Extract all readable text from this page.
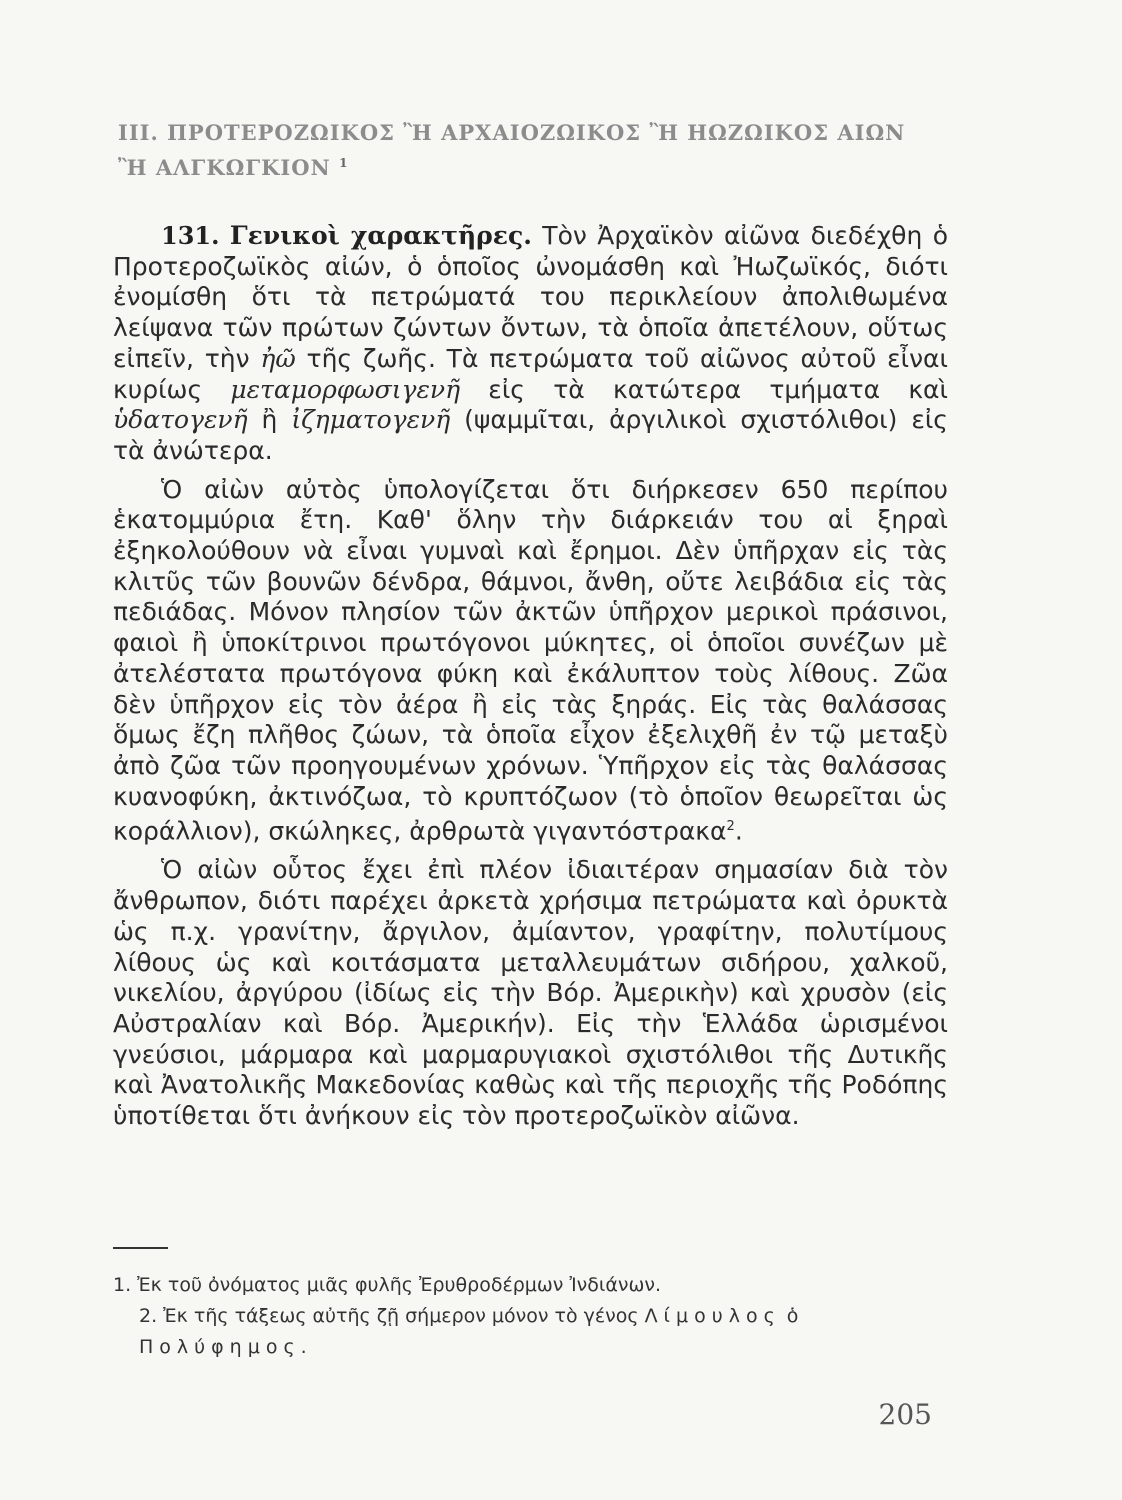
III. ΠΡΟΤΕΡΟΖΩΙΚΟΣ Ἢ ΑΡΧΑΙΟΖΩΙΚΟΣ Ἢ ΗΩΖΩΙΚΟΣ ΑΙΩΝ
Ἢ ΑΛΓΚΩΓΚΙΟΝ $^1$

131. Γενικοὶ χαρακτῆρες. Τὸν Ἀρχαϊκὸν αἰῶνα διεδέχθη ὁ Προτεροζωϊκὸς αἰών, ὁ ὁποῖος ὠνομάσθη καὶ Ἠωζωϊκός, διότι ἐνομίσθη ὅτι τὰ πετρώματά του περικλείουν ἀπολιθωμένα λείψανα τῶν πρώτων ζώντων ὄντων, τὰ ὁποῖα ἀπετέλουν, οὕτως εἰπεῖν, τὴν ἠῶ τῆς ζωῆς. Τὰ πετρώματα τοῦ αἰῶνος αὐτοῦ εἶναι κυρίως μεταμορφωσιγενῆ εἰς τὰ κατώτερα τμήματα καὶ ὑδατογενῆ ἢ ἰζηματογενῆ (ψαμμῖται, ἀργιλικοὶ σχιστόλιθοι) εἰς τὰ ἀνώτερα.

Ὁ αἰὼν αὐτὸς ὑπολογίζεται ὅτι διήρκεσεν 650 περίπου ἑκατομμύρια ἔτη. Καθ' ὅλην τὴν διάρκειάν του αἱ ξηραὶ ἐξηκολούθουν νὰ εἶναι γυμναὶ καὶ ἔρημοι. Δὲν ὑπῆρχαν εἰς τὰς κλιτῦς τῶν βουνῶν δένδρα, θάμνοι, ἄνθη, οὔτε λειβάδια εἰς τὰς πεδιάδας. Μόνον πλησίον τῶν ἀκτῶν ὑπῆρχον μερικοὶ πράσινοι, φαιοὶ ἢ ὑποκίτρινοι πρωτόγονοι μύκητες, οἱ ὁποῖοι συνέζων μὲ ἀτελέστατα πρωτόγονα φύκη καὶ ἐκάλυπτον τοὺς λίθους. Ζῶα δὲν ὑπῆρχον εἰς τὸν ἀέρα ἢ εἰς τὰς ξηράς. Εἰς τὰς θαλάσσας ὅμως ἔζη πλῆθος ζώων, τὰ ὁποῖα εἶχον ἐξελιχθῆ ἐν τῷ μεταξὺ ἀπὸ ζῶα τῶν προηγουμένων χρόνων. Ὑπῆρχον εἰς τὰς θαλάσσας κυανοφύκη, ἀκτινόζωα, τὸ κρυπτόζωον (τὸ ὁποῖον θεωρεῖται ὡς κοράλλιον), σκώληκες, ἀρθρωτὰ γιγαντόστρακα$^2$.

Ὁ αἰὼν οὗτος ἔχει ἐπὶ πλέον ἰδιαιτέραν σημασίαν διὰ τὸν ἄνθρωπον, διότι παρέχει ἀρκετὰ χρήσιμα πετρώματα καὶ ὀρυκτὰ ὡς π.χ. γρανίτην, ἄργιλον, ἀμίαντον, γραφίτην, πολυτίμους λίθους ὡς καὶ κοιτάσματα μεταλλευμάτων σιδήρου, χαλκοῦ, νικελίου, ἀργύρου (ἰδίως εἰς τὴν Βόρ. Ἀμερικὴν) καὶ χρυσὸν (εἰς Αὐστραλίαν καὶ Βόρ. Ἀμερικήν). Εἰς τὴν Ἑλλάδα ὡρισμένοι γνεύσιοι, μάρμαρα καὶ μαρμαρυγιακοὶ σχιστόλιθοι τῆς Δυτικῆς καὶ Ἀνατολικῆς Μακεδονίας καθὼς καὶ τῆς περιοχῆς τῆς Ροδόπης ὑποτίθεται ὅτι ἀνήκουν εἰς τὸν προτεροζωϊκὸν αἰῶνα.

1. Ἐκ τοῦ ὀνόματος μιᾶς φυλῆς Ἐρυθροδέρμων Ἰνδιάνων.

2. Ἐκ τῆς τάξεως αὐτῆς ζῇ σήμερον μόνον τὸ γένος Λίμουλος ὁ Πολύφημος.

205
